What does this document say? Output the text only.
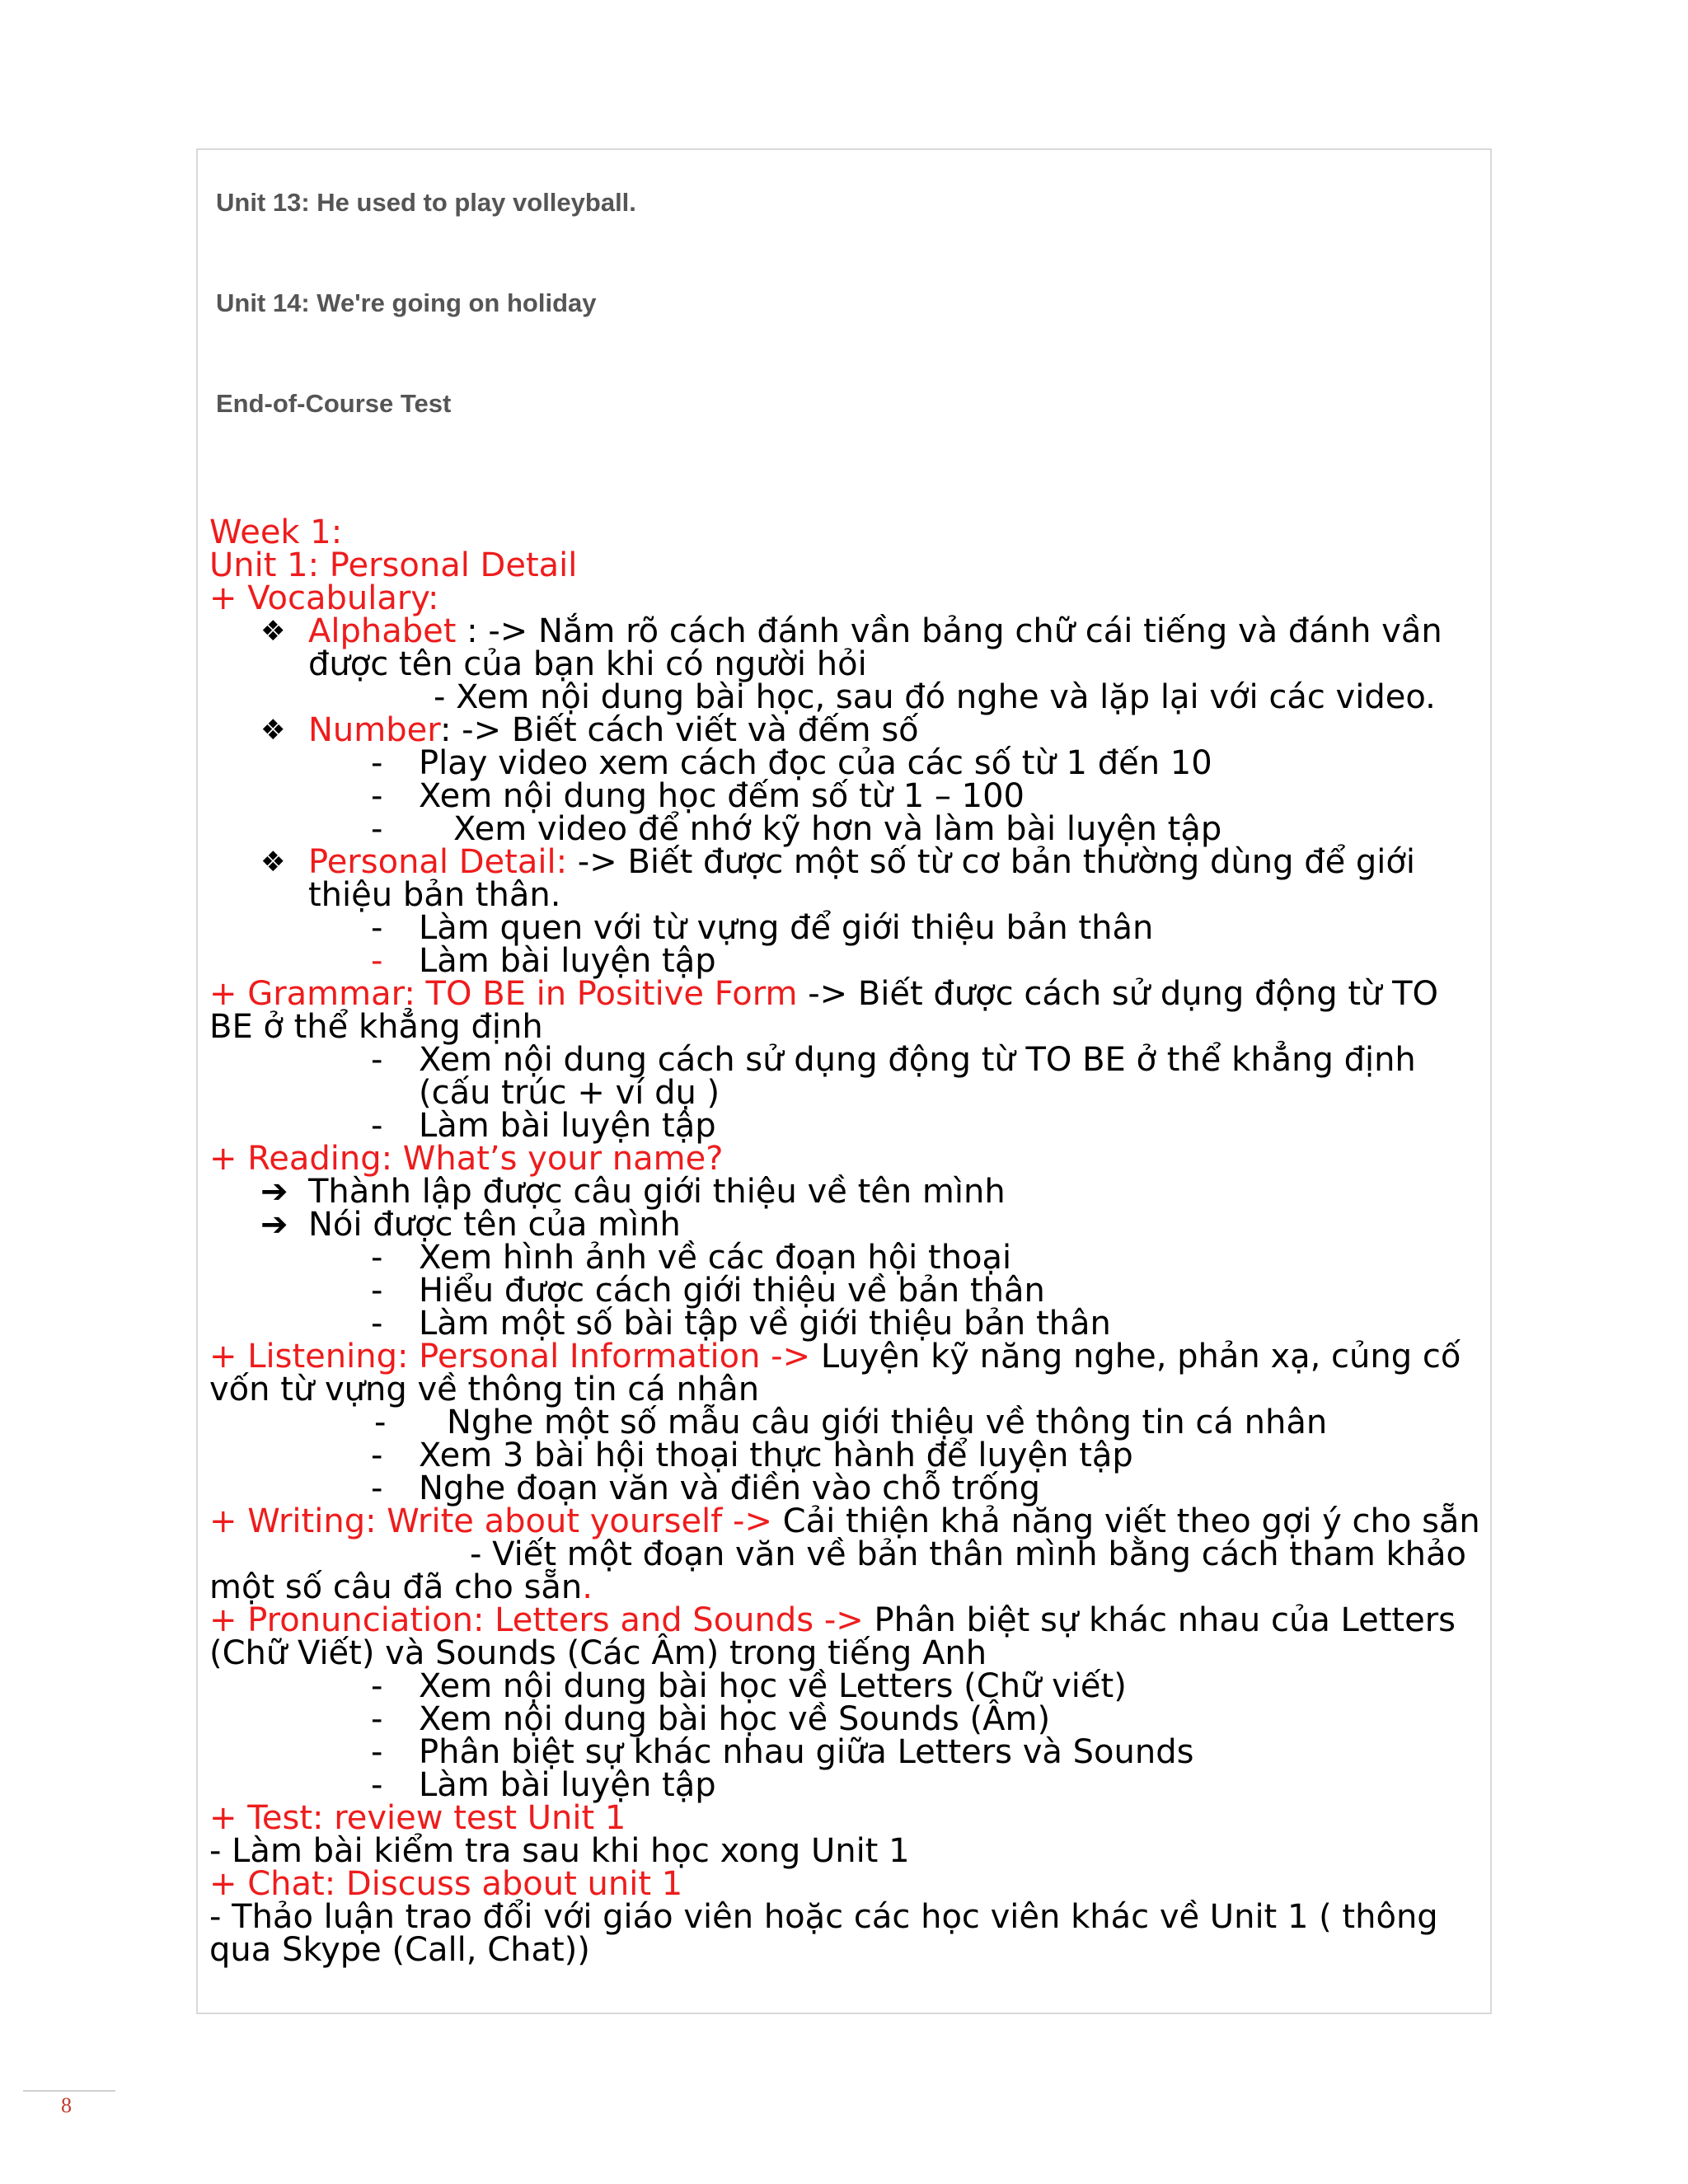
Unit 13: He used to play volleyball.

Unit 14: We're going on holiday

End-of-Course Test

Week 1:
Unit 1: Personal Detail
+ Vocabulary:
❖ Alphabet : -> Nắm rõ cách đánh vần bảng chữ cái tiếng và đánh vần
được tên của bạn khi có người hỏi
- Xem nội dung bài học, sau đó nghe và lặp lại với các video.
❖ Number: -> Biết cách viết và đếm số
- Play video xem cách đọc của các số từ 1 đến 10
- Xem nội dung học đếm số từ 1 – 100
- Xem video để nhớ kỹ hơn và làm bài luyện tập
❖ Personal Detail: -> Biết được một số từ cơ bản thường dùng để giới
thiệu bản thân.
- Làm quen với từ vựng để giới thiệu bản thân
- Làm bài luyện tập
+ Grammar: TO BE in Positive Form -> Biết được cách sử dụng động từ TO
BE ở thể khẳng định
- Xem nội dung cách sử dụng động từ TO BE ở thể khẳng định
(cấu trúc + ví dụ )
- Làm bài luyện tập
+ Reading: What’s your name?
➔ Thành lập được câu giới thiệu về tên mình
➔ Nói được tên của mình
- Xem hình ảnh về các đoạn hội thoại
- Hiểu được cách giới thiệu về bản thân
- Làm một số bài tập về giới thiệu bản thân
+ Listening: Personal Information -> Luyện kỹ năng nghe, phản xạ, củng cố
vốn từ vựng về thông tin cá nhân
- Nghe một số mẫu câu giới thiệu về thông tin cá nhân
- Xem 3 bài hội thoại thực hành để luyện tập
- Nghe đoạn văn và điền vào chỗ trống
+ Writing: Write about yourself -> Cải thiện khả năng viết theo gợi ý cho sẵn
- Viết một đoạn văn về bản thân mình bằng cách tham khảo
một số câu đã cho sẵn.
+ Pronunciation: Letters and Sounds -> Phân biệt sự khác nhau của Letters
(Chữ Viết) và Sounds (Các Âm) trong tiếng Anh
- Xem nội dung bài học về Letters (Chữ viết)
- Xem nội dung bài học về Sounds (Âm)
- Phân biệt sự khác nhau giữa Letters và Sounds
- Làm bài luyện tập
+ Test: review test Unit 1
- Làm bài kiểm tra sau khi học xong Unit 1
+ Chat: Discuss about unit 1
- Thảo luận trao đổi với giáo viên hoặc các học viên khác về Unit 1 ( thông
qua Skype (Call, Chat))
8
